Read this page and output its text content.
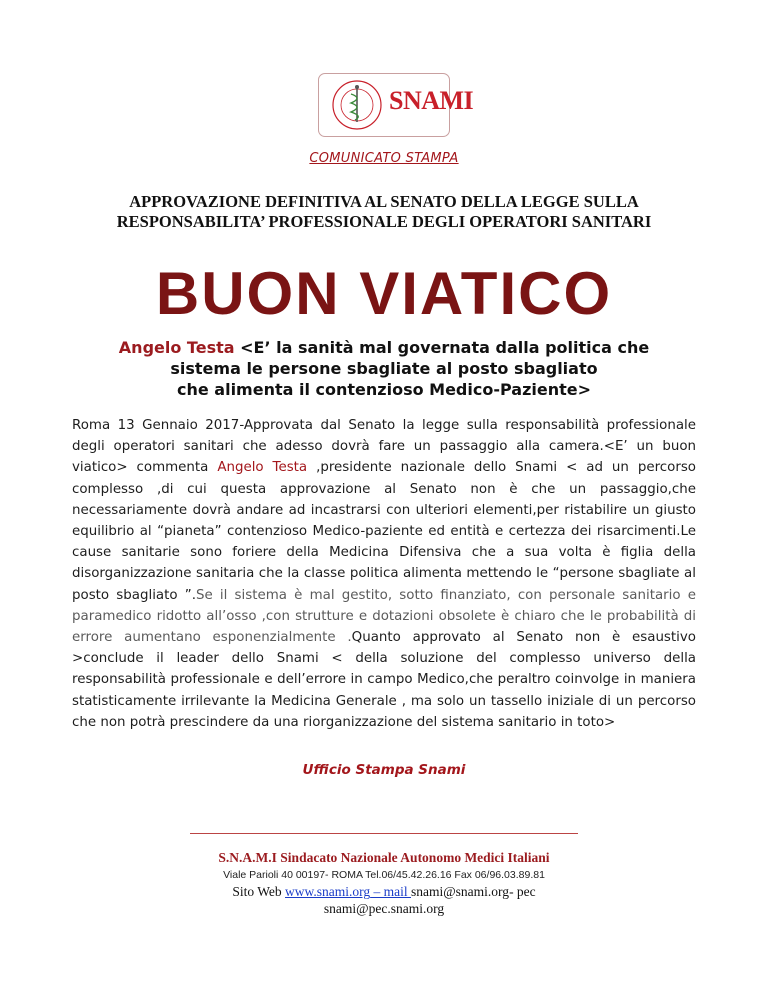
SNAMI
COMUNICATO STAMPA
APPROVAZIONE DEFINITIVA AL SENATO DELLA LEGGE SULLA
RESPONSABILITA’ PROFESSIONALE DEGLI OPERATORI SANITARI
BUON VIATICO
Angelo Testa <E’ la sanità mal governata dalla politica che
sistema le persone sbagliate al posto sbagliato
che alimenta il contenzioso Medico-Paziente>
Roma 13 Gennaio 2017-Approvata dal Senato la legge sulla responsabilità professionale degli operatori sanitari che adesso dovrà fare un passaggio alla camera.<E’ un buon viatico> commenta Angelo Testa ,presidente nazionale dello Snami < ad un percorso complesso ,di cui questa approvazione al Senato non è che un passaggio,che necessariamente dovrà andare ad incastrarsi con ulteriori elementi,per ristabilire un giusto equilibrio al “pianeta” contenzioso Medico-paziente ed entità e certezza dei risarcimenti.Le cause sanitarie sono foriere della Medicina Difensiva che a sua volta è figlia della disorganizzazione sanitaria che la classe politica alimenta mettendo le “persone sbagliate al posto sbagliato ”.Se il sistema è mal gestito, sotto finanziato, con personale sanitario e paramedico ridotto all’osso ,con strutture e dotazioni obsolete è chiaro che le probabilità di errore aumentano esponenzialmente .Quanto approvato al Senato non è esaustivo >conclude il leader dello Snami < della soluzione del complesso universo della responsabilità professionale e dell’errore in campo Medico,che peraltro coinvolge in maniera statisticamente irrilevante la Medicina Generale , ma solo un tassello iniziale di un percorso che non potrà prescindere da una riorganizzazione del sistema sanitario in toto>
Ufficio Stampa Snami
S.N.A.M.I Sindacato Nazionale Autonomo Medici Italiani
Viale Parioli 40 00197- ROMA Tel.06/45.42.26.16 Fax 06/96.03.89.81
Sito Web www.snami.org – mail snami@snami.org- pec
snami@pec.snami.org
